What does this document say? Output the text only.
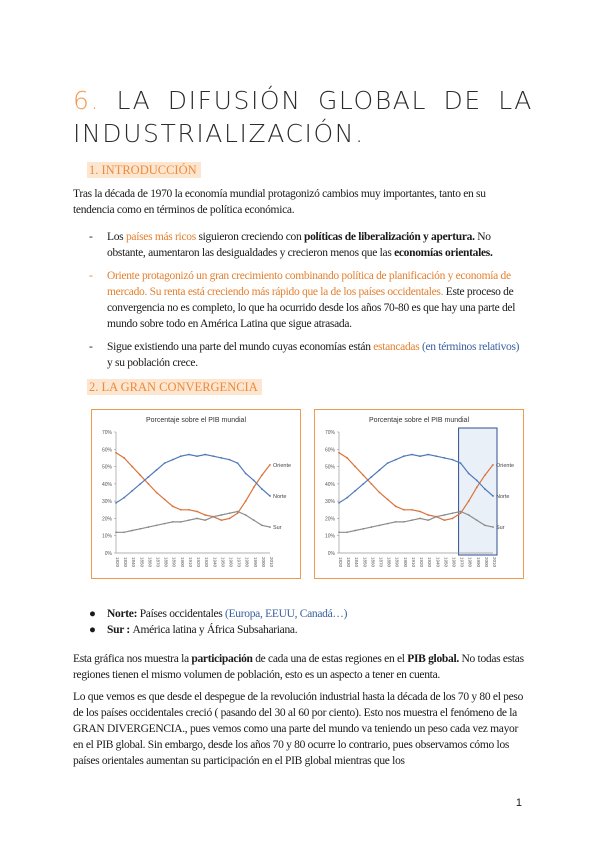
6. LA DIFUSIÓN GLOBAL DE LA INDUSTRIALIZACIÓN.
1. INTRODUCCIÓN
Tras la década de 1970 la economía mundial protagonizó cambios muy importantes, tanto en su tendencia como en términos de política económica.
- Los países más ricos siguieron creciendo con políticas de liberalización y apertura. No obstante, aumentaron las desigualdades y crecieron menos que las economías orientales.
- Oriente protagonizó un gran crecimiento combinando política de planificación y economía de mercado. Su renta está creciendo más rápido que la de los países occidentales. Este proceso de convergencia no es completo, lo que ha ocurrido desde los años 70-80 es que hay una parte del mundo sobre todo en América Latina que sigue atrasada.
- Sigue existiendo una parte del mundo cuyas economías están estancadas (en términos relativos) y su población crece.
2. LA GRAN CONVERGENCIA
Porcentaje sobre el PIB mundial
70%
60%
50%
40%
30%
20%
10%
0%
1820 1830 1840 1850 1860 1870 1880 1890 1900 1910 1920 1930 1940 1950 1960 1970 1980 1990 2000 2010
Oriente
Norte
Sur
Porcentaje sobre el PIB mundial
70%
60%
50%
40%
30%
20%
10%
0%
1820 1830 1840 1850 1860 1870 1880 1890 1900 1910 1920 1930 1940 1950 1960 1970 1980 1990 2000 2010
Oriente
Norte
Sur
● Norte: Países occidentales (Europa, EEUU, Canadá…)
● Sur : América latina y África Subsahariana.
Esta gráfica nos muestra la participación de cada una de estas regiones en el PIB global. No todas estas regiones tienen el mismo volumen de población, esto es un aspecto a tener en cuenta.
Lo que vemos es que desde el despegue de la revolución industrial hasta la década de los 70 y 80 el peso de los países occidentales creció ( pasando del 30 al 60 por ciento). Esto nos muestra el fenómeno de la GRAN DIVERGENCIA., pues vemos como una parte del mundo va teniendo un peso cada vez mayor en el PIB global. Sin embargo, desde los años 70 y 80 ocurre lo contrario, pues observamos cómo los países orientales aumentan su participación en el PIB global mientras que los
1
